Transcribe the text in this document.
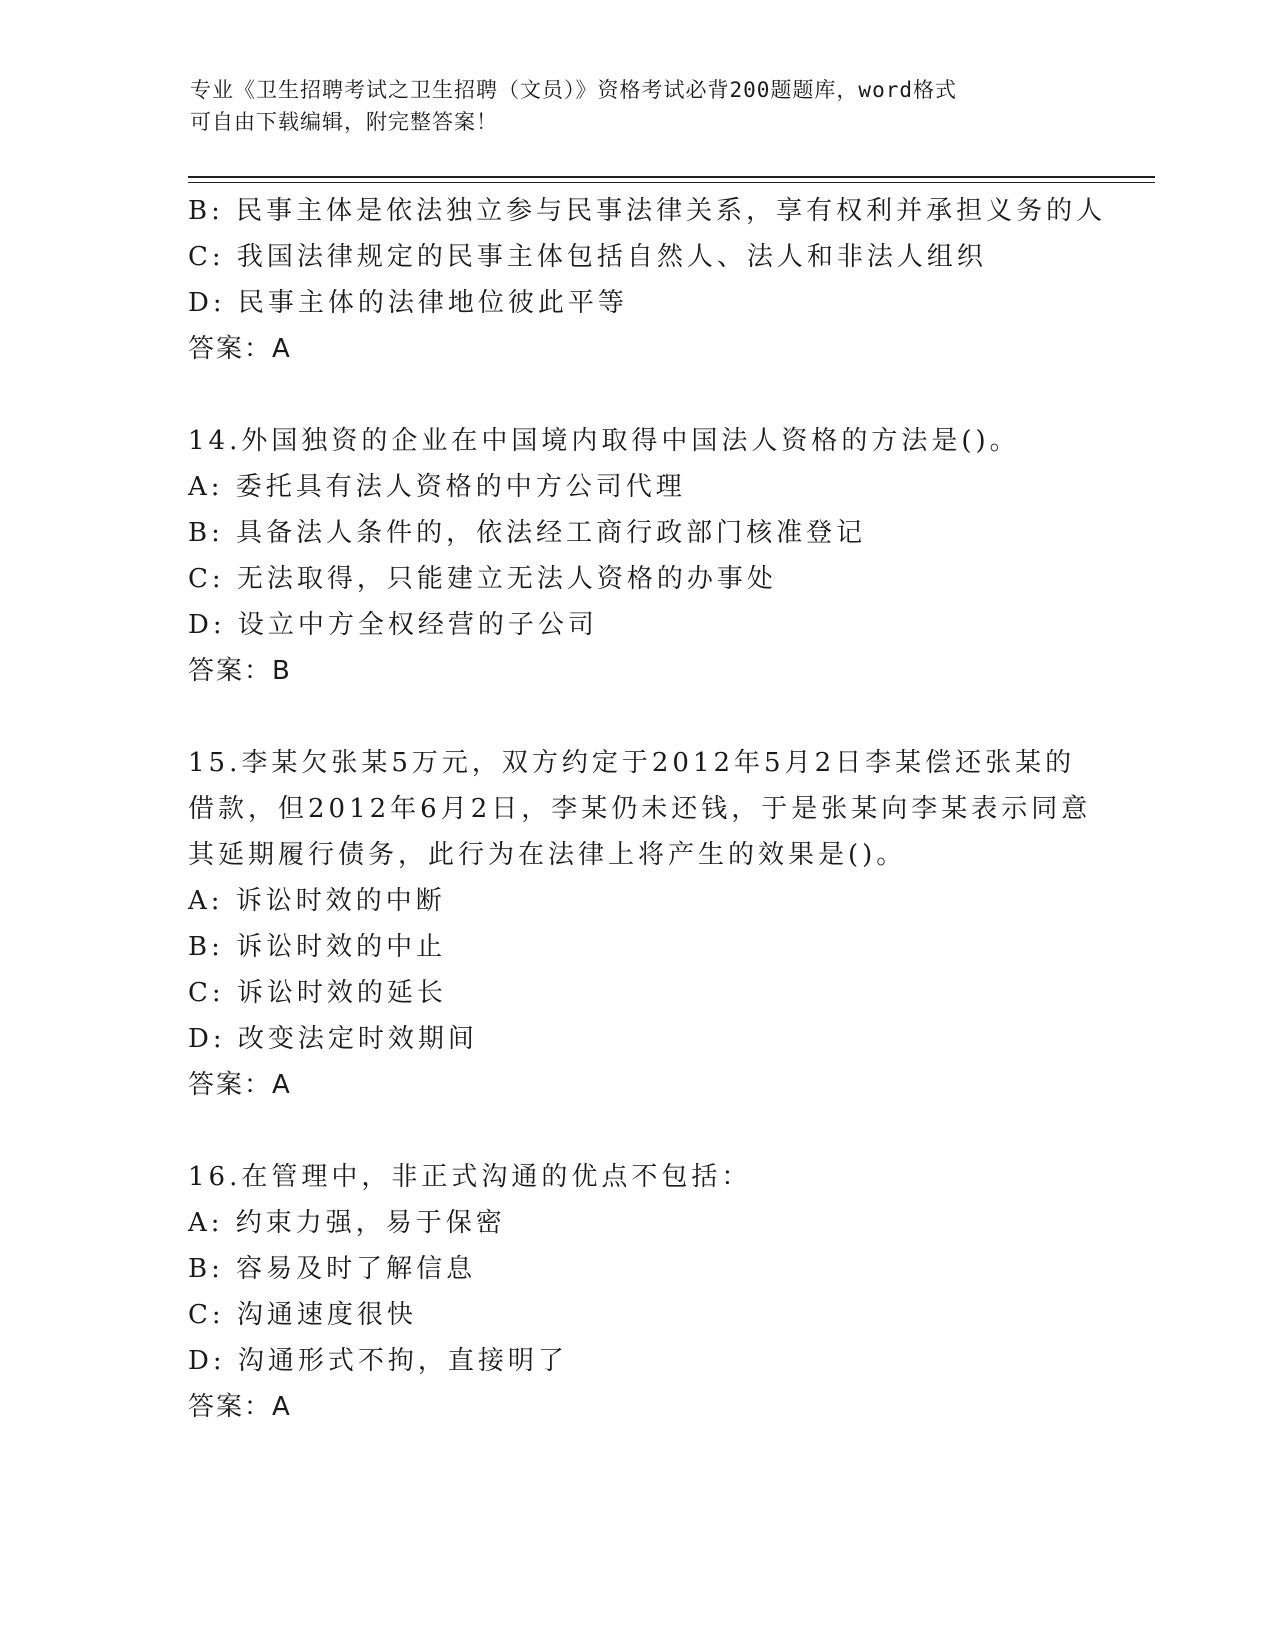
专业《卫生招聘考试之卫生招聘（文员）》资格考试必背200题题库，word格式

可自由下载编辑，附完整答案！

B: 民事主体是依法独立参与民事法律关系，享有权利并承担义务的人
C: 我国法律规定的民事主体包括自然人、法人和非法人组织
D: 民事主体的法律地位彼此平等
答案：A
14.外国独资的企业在中国境内取得中国法人资格的方法是()。
A: 委托具有法人资格的中方公司代理
B: 具备法人条件的，依法经工商行政部门核准登记
C: 无法取得，只能建立无法人资格的办事处
D: 设立中方全权经营的子公司
答案：B
15.李某欠张某5万元，双方约定于2012年5月2日李某偿还张某的
借款，但2012年6月2日，李某仍未还钱，于是张某向李某表示同意
其延期履行债务，此行为在法律上将产生的效果是()。
A: 诉讼时效的中断
B: 诉讼时效的中止
C: 诉讼时效的延长
D: 改变法定时效期间
答案：A
16.在管理中，非正式沟通的优点不包括：
A: 约束力强，易于保密
B: 容易及时了解信息
C: 沟通速度很快
D: 沟通形式不拘，直接明了
答案：A
